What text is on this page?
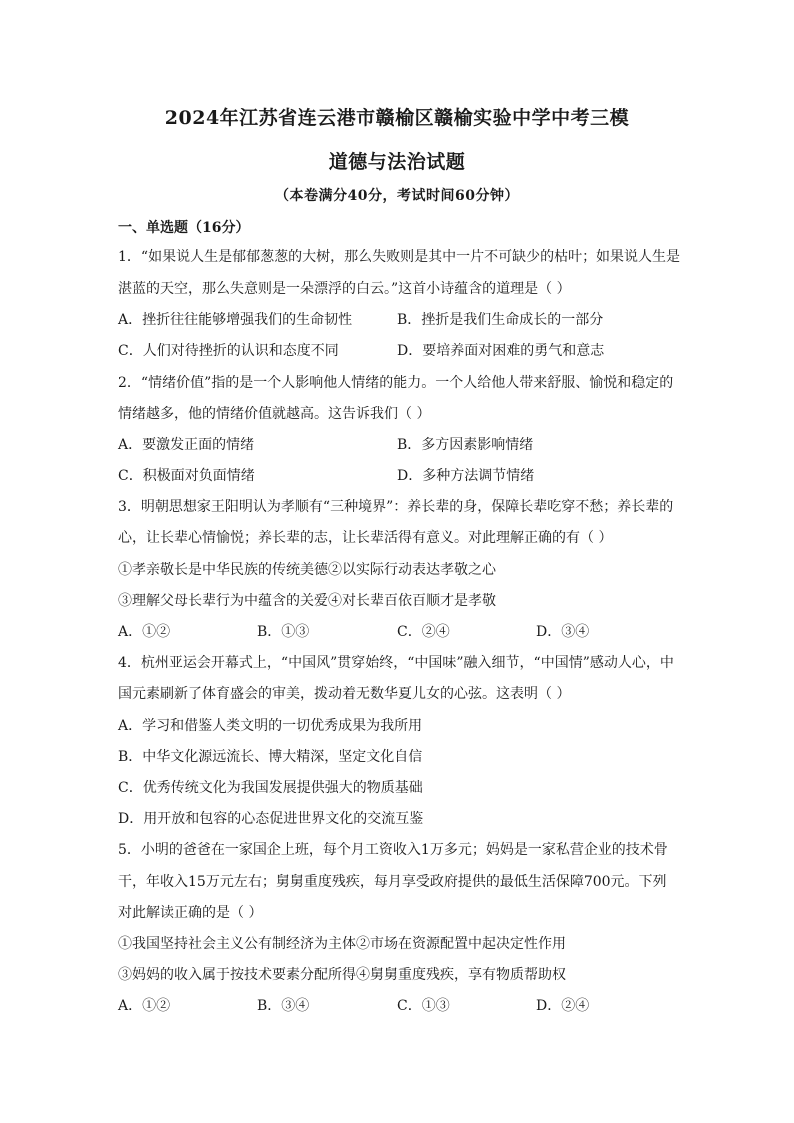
2024年江苏省连云港市赣榆区赣榆实验中学中考三模
道德与法治试题
（本卷满分40分，考试时间60分钟）
一、单选题（16分）
1．“如果说人生是郁郁葱葱的大树，那么失败则是其中一片不可缺少的枯叶；如果说人生是
湛蓝的天空，那么失意则是一朵漂浮的白云。”这首小诗蕴含的道理是（ ）
A．挫折往往能够增强我们的生命韧性	B．挫折是我们生命成长的一部分
C．人们对待挫折的认识和态度不同	D．要培养面对困难的勇气和意志
2．“情绪价值”指的是一个人影响他人情绪的能力。一个人给他人带来舒服、愉悦和稳定的
情绪越多，他的情绪价值就越高。这告诉我们（ ）
A．要激发正面的情绪	B．多方因素影响情绪
C．积极面对负面情绪	D．多种方法调节情绪
3．明朝思想家王阳明认为孝顺有“三种境界”：养长辈的身，保障长辈吃穿不愁；养长辈的
心，让长辈心情愉悦；养长辈的志，让长辈活得有意义。对此理解正确的有（ ）
①孝亲敬长是中华民族的传统美德②以实际行动表达孝敬之心
③理解父母长辈行为中蕴含的关爱④对长辈百依百顺才是孝敬
A．①②	B．①③	C．②④	D．③④
4．杭州亚运会开幕式上，“中国风”贯穿始终，“中国味”融入细节，“中国情”感动人心，中
国元素刷新了体育盛会的审美，拨动着无数华夏儿女的心弦。这表明（ ）
A．学习和借鉴人类文明的一切优秀成果为我所用
B．中华文化源远流长、博大精深，坚定文化自信
C．优秀传统文化为我国发展提供强大的物质基础
D．用开放和包容的心态促进世界文化的交流互鉴
5．小明的爸爸在一家国企上班，每个月工资收入1万多元；妈妈是一家私营企业的技术骨
干，年收入15万元左右；舅舅重度残疾，每月享受政府提供的最低生活保障700元。下列
对此解读正确的是（ ）
①我国坚持社会主义公有制经济为主体②市场在资源配置中起决定性作用
③妈妈的收入属于按技术要素分配所得④舅舅重度残疾，享有物质帮助权
A．①②	B．③④	C．①③	D．②④
